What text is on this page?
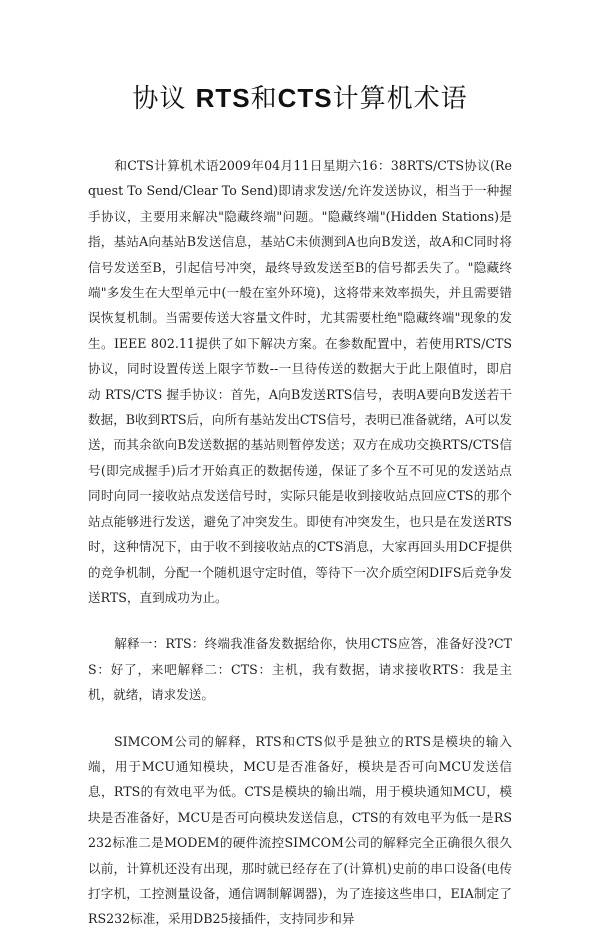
协议 RTS和CTS计算机术语

和CTS计算机术语2009年04月11日星期六16：38RTS/CTS协议(Request To Send/Clear To Send)即请求发送/允许发送协议，相当于一种握手协议，主要用来解决"隐藏终端"问题。"隐藏终端"(Hidden Stations)是指，基站A向基站B发送信息，基站C未侦测到A也向B发送，故A和C同时将信号发送至B，引起信号冲突，最终导致发送至B的信号都丢失了。"隐藏终端"多发生在大型单元中(一般在室外环境)，这将带来效率损失，并且需要错误恢复机制。当需要传送大容量文件时，尤其需要杜绝"隐藏终端"现象的发生。IEEE 802.11提供了如下解决方案。在参数配置中，若使用RTS/CTS协议，同时设置传送上限字节数--一旦待传送的数据大于此上限值时，即启动 RTS/CTS 握手协议：首先，A向B发送RTS信号，表明A要向B发送若干数据，B收到RTS后，向所有基站发出CTS信号，表明已准备就绪，A可以发送，而其余欲向B发送数据的基站则暂停发送；双方在成功交换RTS/CTS信号(即完成握手)后才开始真正的数据传递，保证了多个互不可见的发送站点同时向同一接收站点发送信号时，实际只能是收到接收站点回应CTS的那个站点能够进行发送，避免了冲突发生。即使有冲突发生，也只是在发送RTS时，这种情况下，由于收不到接收站点的CTS消息，大家再回头用DCF提供的竞争机制，分配一个随机退守定时值，等待下一次介质空闲DIFS后竞争发送RTS，直到成功为止。

解释一：RTS：终端我准备发数据给你，快用CTS应答，准备好没?CTS：好了，来吧解释二：CTS：主机，我有数据，请求接收RTS：我是主机，就绪，请求发送。

SIMCOM公司的解释，RTS和CTS似乎是独立的RTS是模块的输入端，用于MCU通知模块，MCU是否准备好，模块是否可向MCU发送信息，RTS的有效电平为低。CTS是模块的输出端，用于模块通知MCU，模块是否准备好，MCU是否可向模块发送信息，CTS的有效电平为低一是RS232标准二是MODEM的硬件流控SIMCOM公司的解释完全正确很久很久以前，计算机还没有出现，那时就已经存在了(计算机)史前的串口设备(电传打字机，工控测量设备，通信调制解调器)，为了连接这些串口，EIA制定了RS232标准，采用DB25接插件，支持同步和异
